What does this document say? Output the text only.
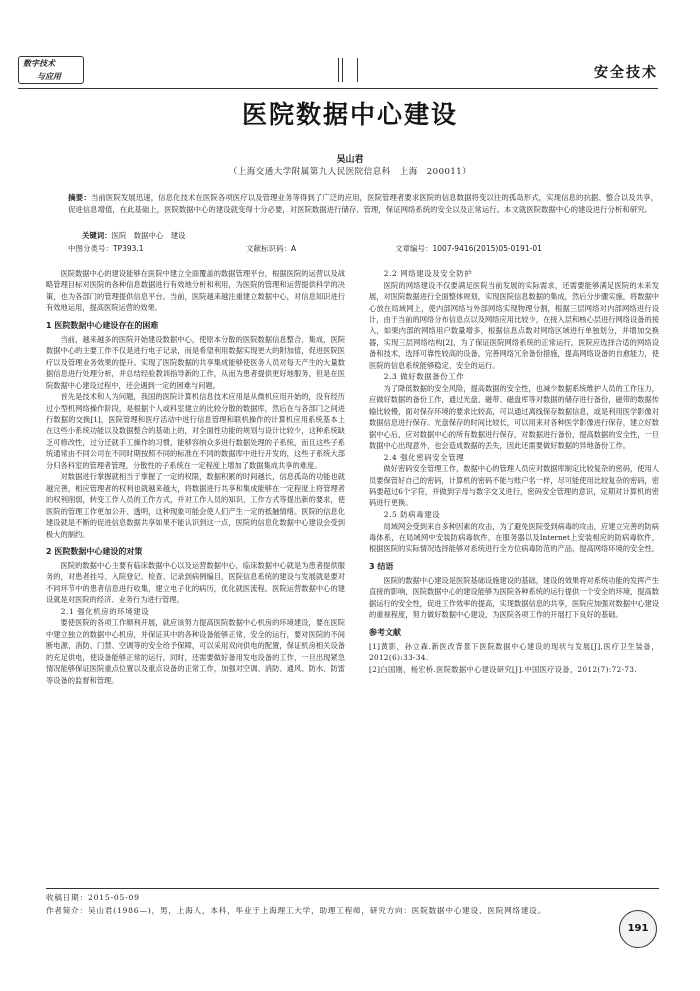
数字技术
与应用	安全技术
医院数据中心建设
吴山君
（上海交通大学附属第九人民医院信息科　上海　200011）
摘要：当前医院发展迅速，信息化技术在医院各项医疗以及管理业务等得到了广泛的应用，医院管理者要求医院的信息数据将变以往的孤岛形式，实现信息的抗据、整合以及共享，促进信息增值，在此基础上，医院数据中心的建设就变得十分必要，对医院数据进行储存、管理，保证网络系统的安全以及正常运行。本文就医院数据中心的建设进行分析和研究。
关键词：医院　数据中心　建设
中图分类号：TP393.1	文献标识码：A	文章编号：1007-9416(2015)05-0191-01

医院数据中心的建设能够在医院中建立全面覆盖的数据管理平台，根据医院的运营以及战略管理目标对医院的各种信息数据进行有效地分析和利用，为医院的管理和运营提供科学的决策，也为各部门的管理提供信息平台。当前，医院越来越注重建立数据中心，对信息知识进行有效地运用，提高医院运营的效果。

1 医院数据中心建设存在的困难

当前，越来越多的医院开始建设数据中心，使原本分散的医院数据信息整合、集成，医院数据中心的主要工作不仅是进行电子记录，而是希望利用数据实现更大的附加值，促进医院医疗以及管理业务效果的提升。实现了医院数据的共享集成能够使医务人员对每天产生的大量数据信息进行处理分析，并总结经验教训指导新的工作，从而为患者提供更好地服务，但是在医院数据中心建设过程中，还会遇到一定的困难与问题。

首先是技术和人为问题，我国的医院计算机信息技术应用是从微机应用开始的，没有经历过小型机网络操作阶段，是根据个人或科室建立的比较分散的数据库，然后在与各部门之间进行数据的交换[1]，医院管理和医疗活动中进行信息管理和联机操作的计算机应用系统基本上在这些小系统功能以及数据整合的基础上的，对全面性功能的规划与设计比较少，这种系统缺乏可修改性，过分迁就手工操作的习惯，能够容纳众多进行数据处理的子系统，而且这些子系统通常由不同公司在不同时期按照不同的标准在不同的数据库中进行开发的，这些子系统大部分归各科室的管理者管理，分散性的子系统在一定程度上增加了数据集成共享的难度。

对数据进行掌握就相当于掌握了一定的权限，数据积累的时间越长，信息孤岛的功能也就越完善，相应管理者的权利也就越来越大，将数据进行共享和集成能够在一定程度上将管理者的权利削弱，转变工作人员的工作方式，并对工作人员的知识、工作方式等提出新的要求，使医院的管理工作更加公开、透明，这种现象可能会使人们产生一定的抵触情绪。医院的信息化建设就是不断的促进信息数据共享如果不能认识到这一点，医院的信息化数据中心建设会受到极大的制约。

2 医院数据中心建设的对策

医院的数据中心主要有临床数据中心以及运营数据中心，临床数据中心就是为患者提供服务的，对患者挂号、入院登记、检查、记录到病例编目，医院信息系统的建设与发展就是要对不同环节中的患者信息进行收集，建立电子化的病历，优化就医流程。医院运营数据中心的建设就是对医院的经济、业务行为进行管理。

2.1 强化机房的环境建设

要使医院的各项工作顺利开展，就应该努力提高医院数据中心机房的环境建设，要在医院中建立独立的数据中心机房，并保证其中的各种设备能够正常、安全的运行，要对医院的不间断电源、消防、门禁、空调等的安全给予保障，可以采用双向供电的配置，保证机房相关设备的充足供电，使设备能够正常的运行，同时，还需要做好备用发电设备的工作，一旦出现紧急情况能够保证医院重点位置以及重点设备的正常工作，加强对空调、消防、通风、防水、防雷等设备的监督和管理。

2.2 网络建设及安全防护

医院的网络建设不仅要满足医院当前发展的实际需求，还需要能够满足医院的未来发展，对医院数据进行全面整体规划，实现医院信息数据的集成，然后分步骤实施，将数据中心放在局域网上，使内部网络与外部网络实现物理分割，根据三层网络对内部网络进行设计，由于当前的网络分布信息点以及网络应用比较少，在接入层和核心层进行网络设备的接入，如果内部的网络用户数量增多，根据信息点数对网络区域进行单独划分，并增加交换器，实现三层网络结构[2]，为了保证医院网络系统的正常运行，医院应选择合适的网络设备和技术，选择可靠性较高的设备，完善网络冗余备份措施，提高网络设备的自愈能力，使医院的信息系统能够稳定、安全的运行。

2.3 做好数据备份工作

为了降低数据的安全风险，提高数据的安全性，也减少数据系统维护人员的工作压力，应做好数据的备份工作，通过光盘、磁带、磁盘库等对数据的储存进行备份，磁带的数据传输比较慢，面对保存环境的要求比较高，可以通过离线保存数据信息，或是利用医学影像对数据信息进行保存。光盘保存的时间比较长，可以用来对各种医学影像进行保存，建立好数据中心后，应对数据中心的所有数据进行保存，对数据进行备份，提高数据的安全性，一旦数据中心出现意外，也会造成数据的丢失，因此还需要做好数据的异地备份工作。

2.4 强化密码安全管理

做好密码安全管理工作，数据中心的管理人员应对数据库制定比较复杂的密码，使用人员要保管好自己的密码，计算机的密码不能与账户名一样，尽可能使用比较复杂的密码，密码要超过6个字符，并做到字母与数字交叉进行，密码安全管理的意识，定期对计算机的密码进行更换。

2.5 防病毒建设

局域网会受到来自多种因素的攻击，为了避免医院受到病毒的攻击，应建立完善的防病毒体系，在局域网中安装防病毒软件，在服务器以及Internet上安装相应的防病毒软件，根据医院的实际情况选择能够对系统进行全方位病毒防范的产品，提高网络环境的安全性。

3 结语

医院的数据中心建设是医院基础设施建设的基础，建设的效果将对系统功能的发挥产生直接的影响，医院数据中心的建设能够为医院各种系统的运行提供一个安全的环境，提高数据运行的安全性，促进工作效率的提高，实现数据信息的共享，医院应加强对数据中心建设的重视程度，努力做好数据中心建设，为医院各项工作的开展打下良好的基础。

参考文献
[1]黄影，孙立森.新医改背景下医院数据中心建设的现状与发展[J].医疗卫生装备，2012(6):33-34.
[2]白国刚，杨宏桥.医院数据中心建设研究[J].中国医疗设备，2012(7):72-73.
收稿日期：2015-05-09
作者简介：吴山君(1986—)，男，上海人，本科，毕业于上海理工大学，助理工程师，研究方向：医院数据中心建设、医院网络建设。
191
